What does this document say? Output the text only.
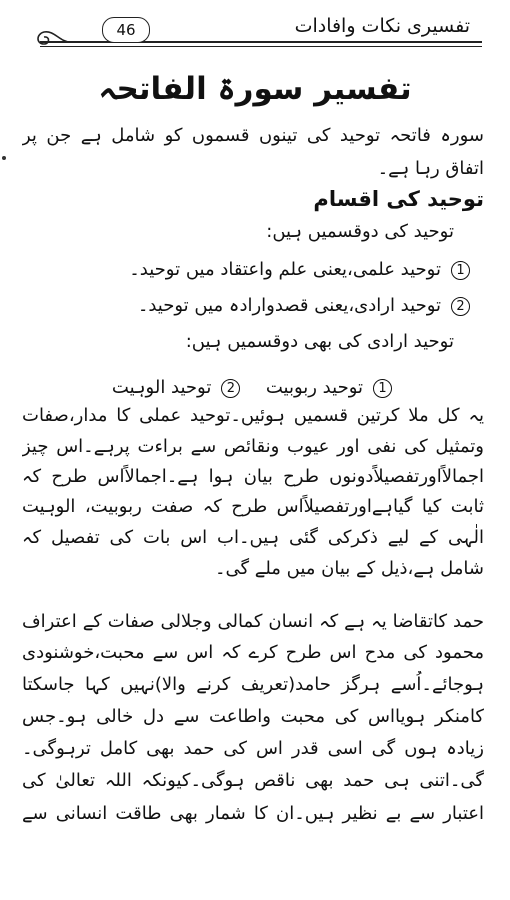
تفسیری نکات وافادات
46
تفسیر سورۃ الفاتحہ
سورہ فاتحہ توحید کی تینوں قسموں کو شامل ہے جن پر
اتفاق رہا ہے۔
توحید کی اقسام
توحید کی دوقسمیں ہیں:
1توحید علمی،یعنی علم واعتقاد میں توحید۔
2توحید ارادی،یعنی قصدوارادہ میں توحید۔
توحید ارادی کی بھی دوقسمیں ہیں:
1توحید ربوبیت  2توحید الوہیت
یہ کل ملا کرتین قسمیں ہوئیں۔توحید عملی کا مدار،صفات
وتمثیل کی نفی اور عیوب ونقائص سے براءت پرہے۔اس چیز
اجمالاًاورتفصیلاًدونوں طرح بیان ہوا ہے۔اجمالاًاس طرح کہ
ثابت کیا گیاہےاورتفصیلاًاس طرح کہ صفت ربوبیت، الوہیت
الٰہی کے لیے ذکرکی گئی ہیں۔اب اس بات کی تفصیل کہ
شامل ہے،ذیل کے بیان میں ملے گی۔
حمد کاتقاضا یہ ہے کہ انسان کمالی وجلالی صفات کے اعتراف
محمود کی مدح اس طرح کرے کہ اس سے محبت،خوشنودی
ہوجائے۔اُسے ہرگز حامد(تعریف کرنے والا)نہیں کہا جاسکتا
کامنکر ہویااس کی محبت واطاعت سے دل خالی ہو۔جس
زیادہ ہوں گی اسی قدر اس کی حمد بھی کامل ترہوگی۔
گی۔اتنی ہی حمد بھی ناقص ہوگی۔کیونکہ اللہ تعالیٰ کی
اعتبار سے بے نظیر ہیں۔ان کا شمار بھی طاقت انسانی سے
